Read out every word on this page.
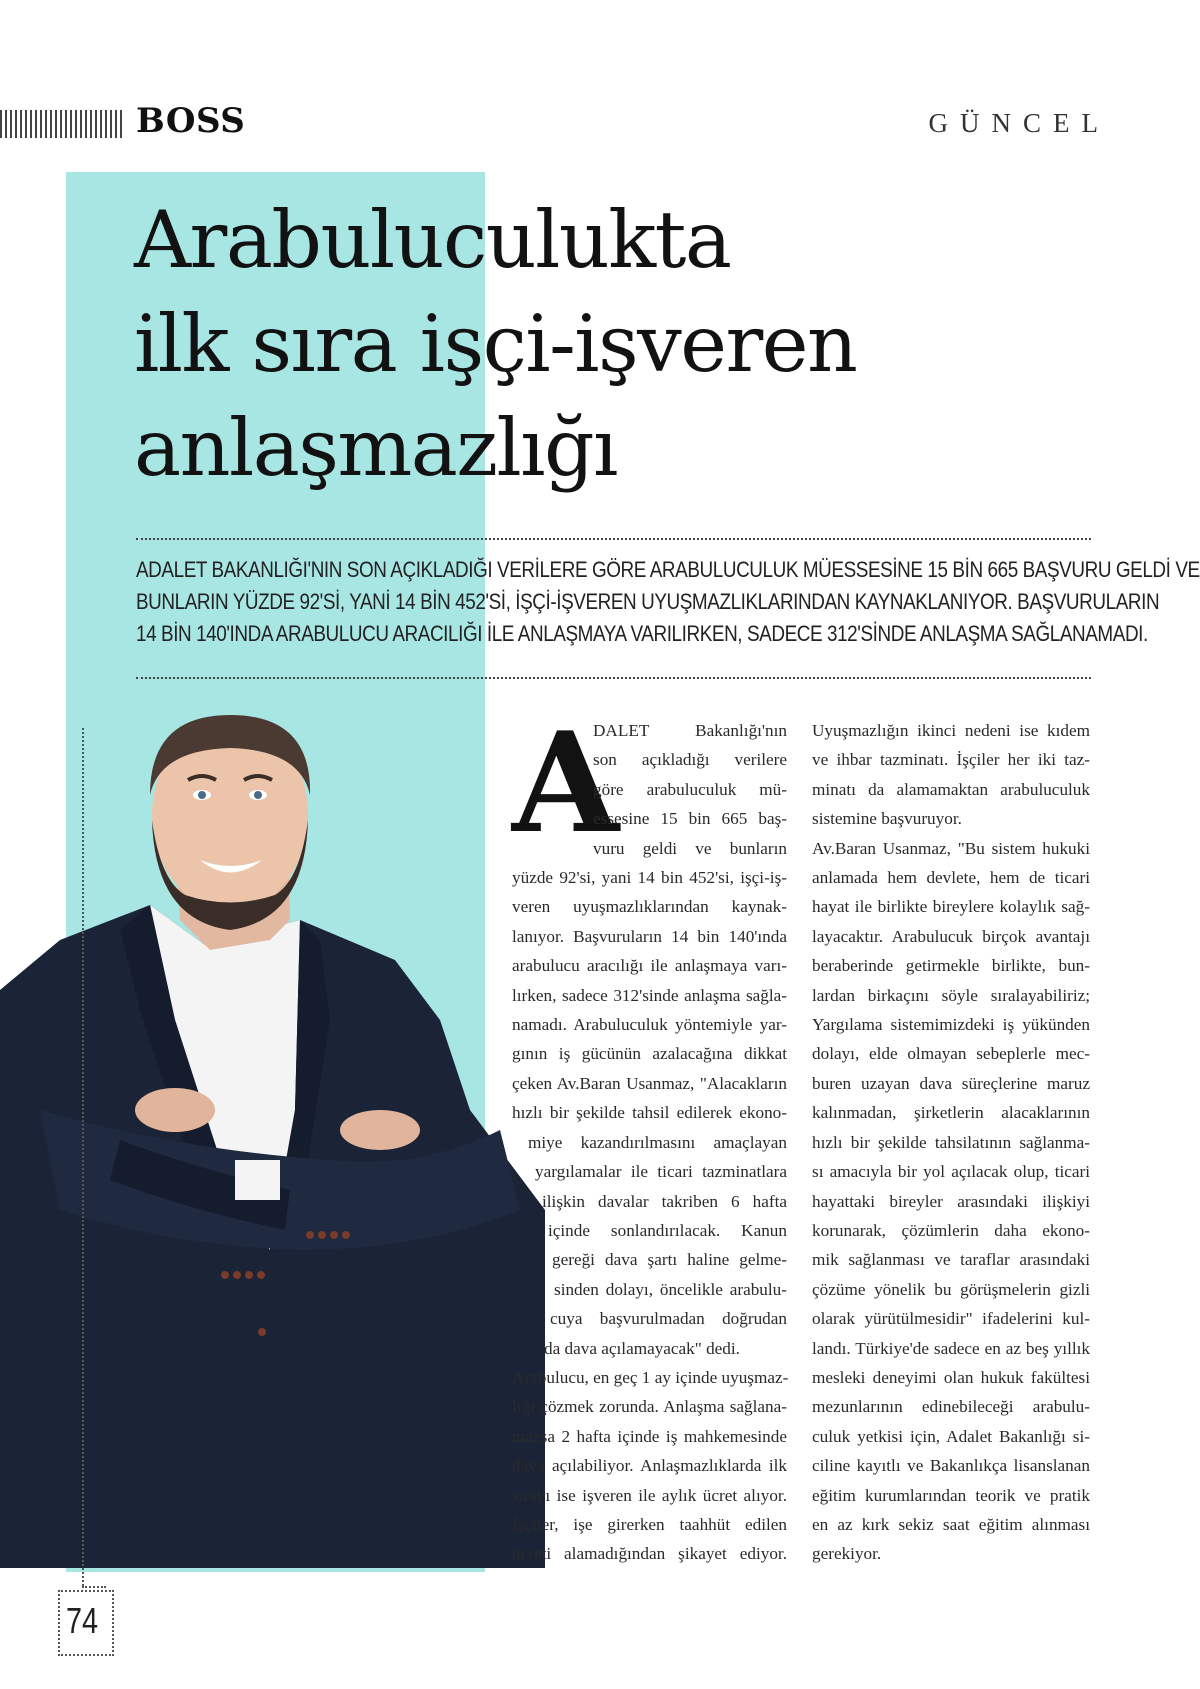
BOSS	GÜNCEL
Arabuluculukta
ilk sıra işçi-işveren
anlaşmazlığı

ADALET BAKANLIĞI'NIN SON AÇIKLADIĞI VERİLERE GÖRE ARABULUCULUK MÜESSESİNE 15 BİN 665 BAŞVURU GELDİ VE
BUNLARIN YÜZDE 92'Sİ, YANİ 14 BİN 452'Sİ, İŞÇİ-İŞVEREN UYUŞMAZLIKLARINDAN KAYNAKLANIYOR. BAŞVURULARIN
14 BİN 140'INDA ARABULUCU ARACILIĞI İLE ANLAŞMAYA VARILIRKEN, SADECE 312'SİNDE ANLAŞMA SAĞLANAMADI.

74
A
DALET Bakanlığı'nın
son açıkladığı verilere
göre arabuluculuk mü-
essesine 15 bin 665 baş-
vuru geldi ve bunların
yüzde 92'si, yani 14 bin 452'si, işçi-iş-
veren uyuşmazlıklarından kaynak-
lanıyor. Başvuruların 14 bin 140'ında
arabulucu aracılığı ile anlaşmaya varı-
lırken, sadece 312'sinde anlaşma sağla-
namadı. Arabuluculuk yöntemiyle yar-
gının iş gücünün azalacağına dikkat
çeken Av.Baran Usanmaz, "Alacakların
hızlı bir şekilde tahsil edilerek ekono-
miye kazandırılmasını amaçlayan
yargılamalar ile ticari tazminatlara
ilişkin davalar takriben 6 hafta
içinde sonlandırılacak. Kanun
gereği dava şartı haline gelme-
sinden dolayı, öncelikle arabulu-
cuya başvurulmadan doğrudan
da dava açılamayacak" dedi.
Arabulucu, en geç 1 ay içinde uyuşmaz-
lığı çözmek zorunda. Anlaşma sağlana-
mazsa 2 hafta içinde iş mahkemesinde
dava açılabiliyor. Anlaşmazlıklarda ilk
sırayı ise işveren ile aylık ücret alıyor.
İşçiler, işe girerken taahhüt edilen
ücreti alamadığından şikayet ediyor.
Uyuşmazlığın ikinci nedeni ise kıdem
ve ihbar tazminatı. İşçiler her iki taz-
minatı da alamamaktan arabuluculuk
sistemine başvuruyor.
Av.Baran Usanmaz, "Bu sistem hukuki
anlamada hem devlete, hem de ticari
hayat ile birlikte bireylere kolaylık sağ-
layacaktır. Arabulucuk birçok avantajı
beraberinde getirmekle birlikte, bun-
lardan birkaçını söyle sıralayabiliriz;
Yargılama sistemimizdeki iş yükünden
dolayı, elde olmayan sebeplerle mec-
buren uzayan dava süreçlerine maruz
kalınmadan, şirketlerin alacaklarının
hızlı bir şekilde tahsilatının sağlanma-
sı amacıyla bir yol açılacak olup, ticari
hayattaki bireyler arasındaki ilişkiyi
korunarak, çözümlerin daha ekono-
mik sağlanması ve taraflar arasındaki
çözüme yönelik bu görüşmelerin gizli
olarak yürütülmesidir" ifadelerini kul-
landı. Türkiye'de sadece en az beş yıllık
mesleki deneyimi olan hukuk fakültesi
mezunlarının edinebileceği arabulu-
culuk yetkisi için, Adalet Bakanlığı si-
ciline kayıtlı ve Bakanlıkça lisanslanan
eğitim kurumlarından teorik ve pratik
en az kırk sekiz saat eğitim alınması
gerekiyor.
